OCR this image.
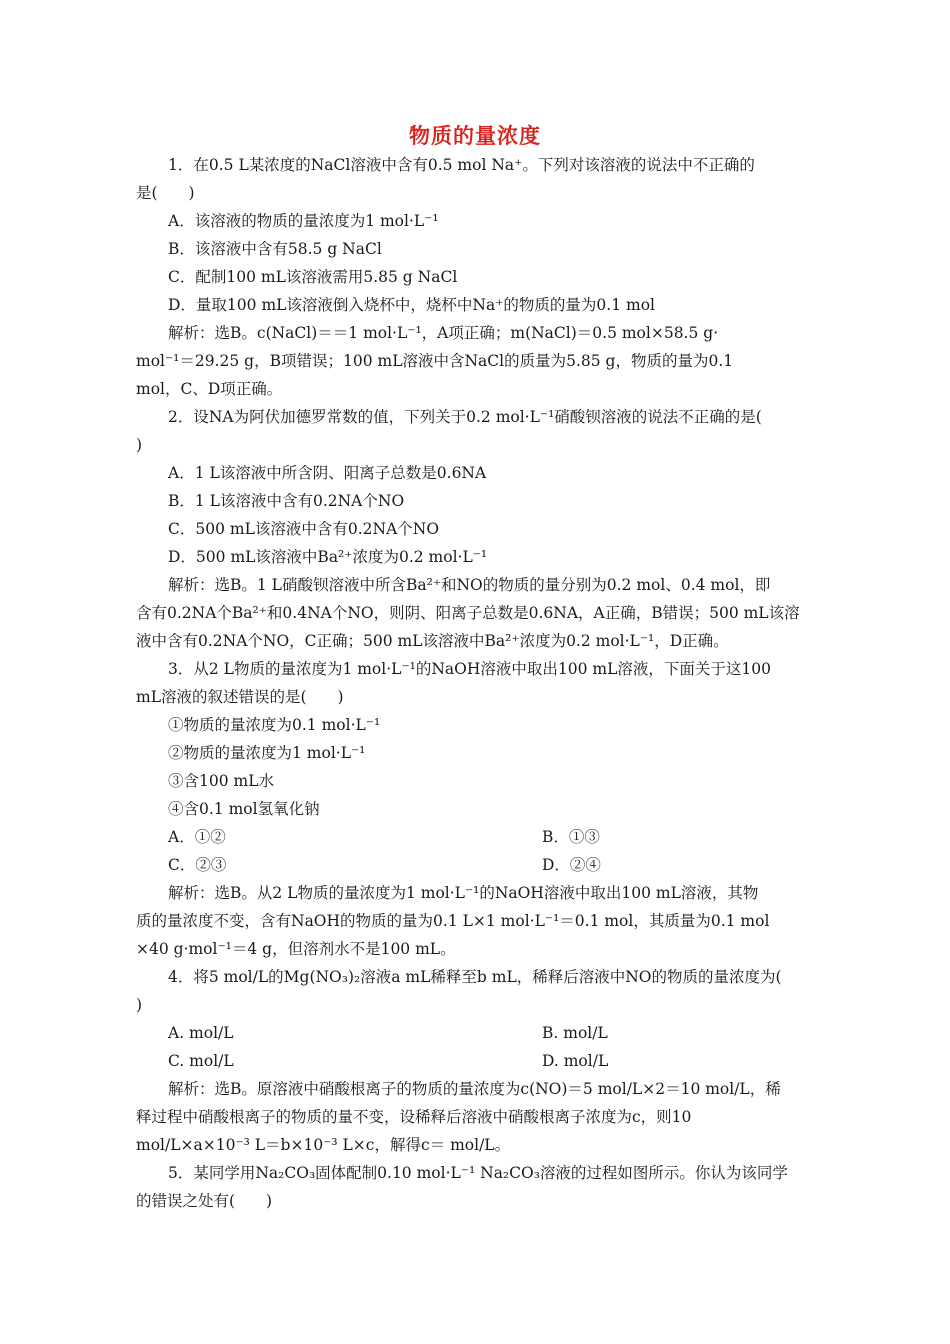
物质的量浓度
1．在0.5 L某浓度的NaCl溶液中含有0.5 mol Na⁺。下列对该溶液的说法中不正确的
是(　　)
A．该溶液的物质的量浓度为1 mol·L⁻¹
B．该溶液中含有58.5 g NaCl
C．配制100 mL该溶液需用5.85 g NaCl
D．量取100 mL该溶液倒入烧杯中，烧杯中Na⁺的物质的量为0.1 mol
解析：选B。c(NaCl)＝＝1 mol·L⁻¹，A项正确；m(NaCl)＝0.5 mol×58.5 g·
mol⁻¹＝29.25 g，B项错误；100 mL溶液中含NaCl的质量为5.85 g，物质的量为0.1
mol，C、D项正确。
2．设NA为阿伏加德罗常数的值，下列关于0.2 mol·L⁻¹硝酸钡溶液的说法不正确的是(
)
A．1 L该溶液中所含阴、阳离子总数是0.6NA
B．1 L该溶液中含有0.2NA个NO
C．500 mL该溶液中含有0.2NA个NO
D．500 mL该溶液中Ba²⁺浓度为0.2 mol·L⁻¹
解析：选B。1 L硝酸钡溶液中所含Ba²⁺和NO的物质的量分别为0.2 mol、0.4 mol，即
含有0.2NA个Ba²⁺和0.4NA个NO，则阴、阳离子总数是0.6NA，A正确，B错误；500 mL该溶
液中含有0.2NA个NO，C正确；500 mL该溶液中Ba²⁺浓度为0.2 mol·L⁻¹，D正确。
3．从2 L物质的量浓度为1 mol·L⁻¹的NaOH溶液中取出100 mL溶液，下面关于这100
mL溶液的叙述错误的是(　　)
①物质的量浓度为0.1 mol·L⁻¹
②物质的量浓度为1 mol·L⁻¹
③含100 mL水
④含0.1 mol氢氧化钠
A．①②	B．①③
C．②③	D．②④
解析：选B。从2 L物质的量浓度为1 mol·L⁻¹的NaOH溶液中取出100 mL溶液，其物
质的量浓度不变，含有NaOH的物质的量为0.1 L×1 mol·L⁻¹＝0.1 mol，其质量为0.1 mol
×40 g·mol⁻¹＝4 g，但溶剂水不是100 mL。
4．将5 mol/L的Mg(NO₃)₂溶液a mL稀释至b mL，稀释后溶液中NO的物质的量浓度为(
)
A. mol/L	B. mol/L
C. mol/L	D. mol/L
解析：选B。原溶液中硝酸根离子的物质的量浓度为c(NO)＝5 mol/L×2＝10 mol/L，稀
释过程中硝酸根离子的物质的量不变，设稀释后溶液中硝酸根离子浓度为c，则10
mol/L×a×10⁻³ L＝b×10⁻³ L×c，解得c＝ mol/L。
5．某同学用Na₂CO₃固体配制0.10 mol·L⁻¹ Na₂CO₃溶液的过程如图所示。你认为该同学
的错误之处有(　　)
